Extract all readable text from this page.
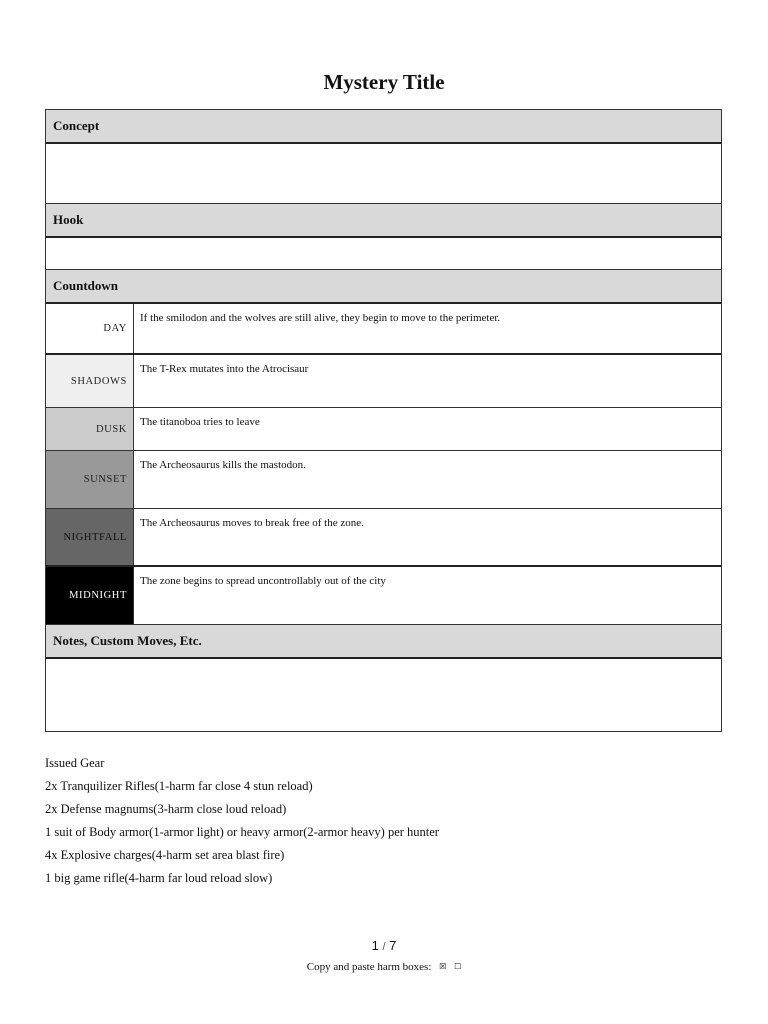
Mystery Title
Concept
Hook
Countdown
DAY
If the smilodon and the wolves are still alive, they begin to move to the perimeter.
SHADOWS
The T-Rex mutates into the Atrocisaur
DUSK
The titanoboa tries to leave
SUNSET
The Archeosaurus kills the mastodon.
NIGHTFALL
The Archeosaurus moves to break free of the zone.
MIDNIGHT
The zone begins to spread uncontrollably out of the city
Notes, Custom Moves, Etc.
Issued Gear
2x Tranquilizer Rifles(1-harm far close 4 stun reload)
2x Defense magnums(3-harm close loud reload)
1 suit of Body armor(1-armor light) or heavy armor(2-armor heavy) per hunter
4x Explosive charges(4-harm set area blast fire)
1 big game rifle(4-harm far loud reload slow)
1 / 7
Copy and paste harm boxes: ☒ ☐
